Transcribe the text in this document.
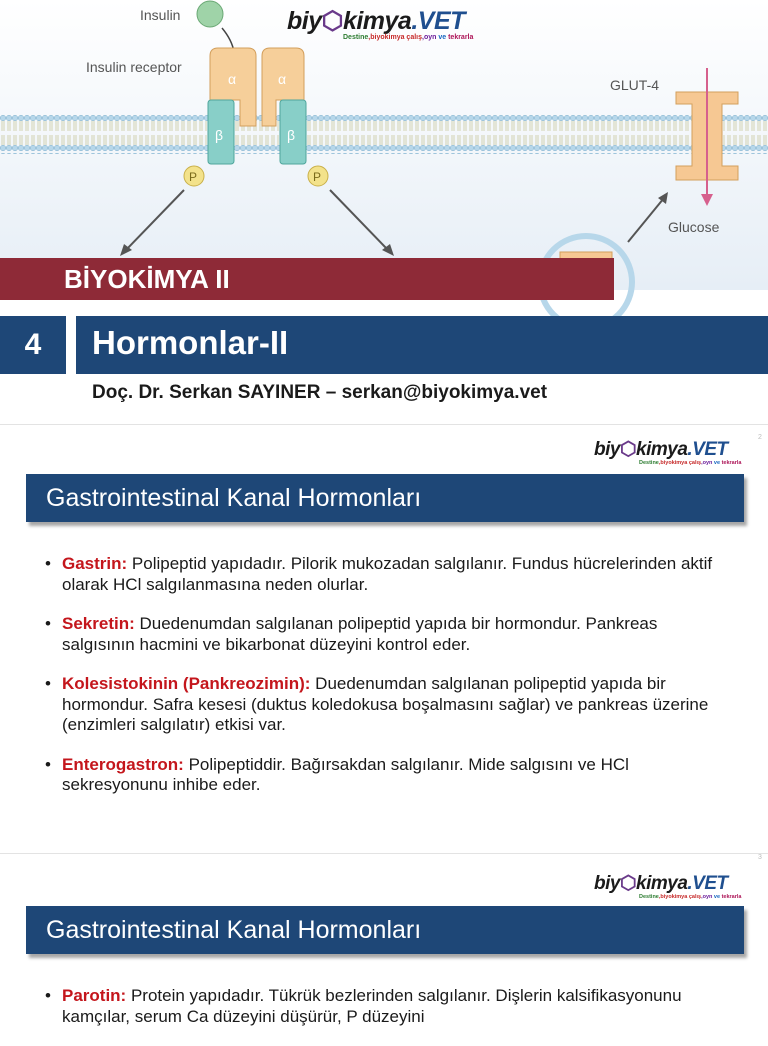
Insulin
Insulin receptor
α	α
β	β
P	P
GLUT-4
Glucose
biy ⬡ kimya .VET
Destine,biyokimya çalış,oyn ve tekrarla
BİYOKİMYA II
4	Hormonlar-II
Doç. Dr. Serkan SAYINER – serkan@biyokimya.vet
biy ⬡ kimya .VET
Destine,biyokimya çalış,oyn ve tekrarla
2
Gastrointestinal Kanal Hormonları
• Gastrin: Polipeptid yapıdadır. Pilorik mukozadan salgılanır. Fundus hücrelerinden aktif olarak HCl salgılanmasına neden olurlar.
• Sekretin: Duedenumdan salgılanan polipeptid yapıda bir hormondur. Pankreas salgısının hacmini ve bikarbonat düzeyini kontrol eder.
• Kolesistokinin (Pankreozimin): Duedenumdan salgılanan polipeptid yapıda bir hormondur. Safra kesesi (duktus koledokusa boşalmasını sağlar) ve pankreas üzerine (enzimleri salgılatır) etkisi var.
• Enterogastron: Polipeptiddir. Bağırsakdan salgılanır. Mide salgısını ve HCl sekresyonunu inhibe eder.
biy ⬡ kimya .VET
Destine,biyokimya çalış,oyn ve tekrarla
3
Gastrointestinal Kanal Hormonları
• Parotin: Protein yapıdadır. Tükrük bezlerinden salgılanır. Dişlerin kalsifikasyonunu kamçılar, serum Ca düzeyini düşürür, P düzeyini
